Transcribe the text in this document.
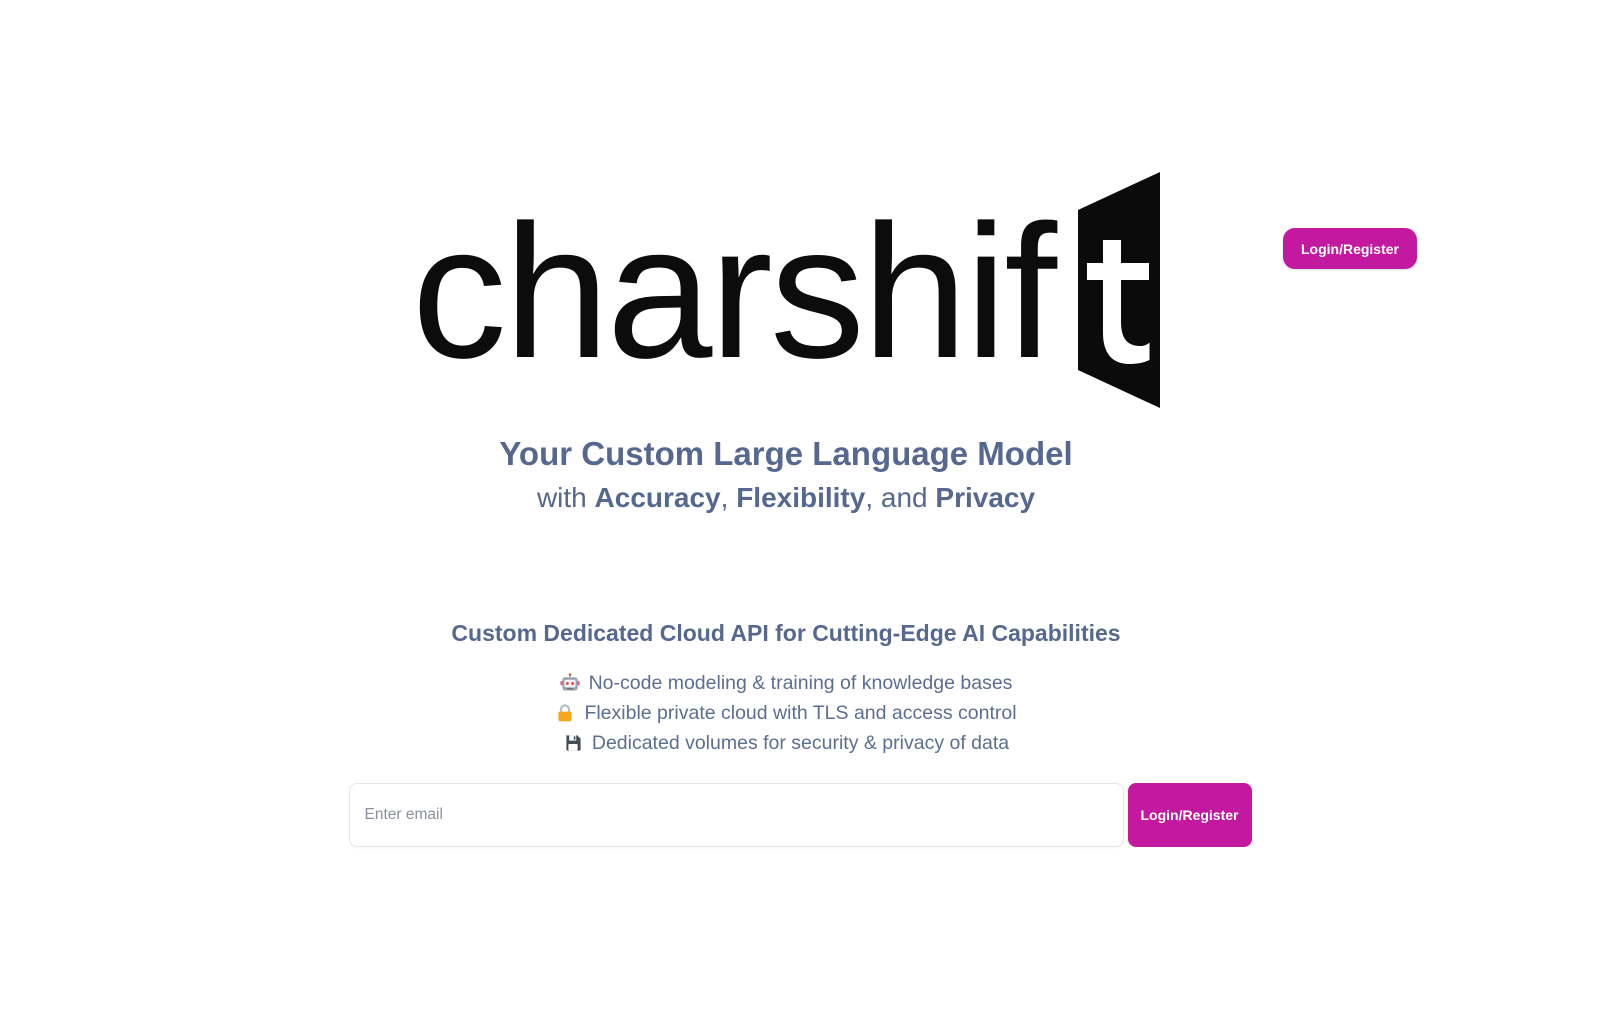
Login/Register
charshif
Your Custom Large Language Model
with Accuracy, Flexibility, and Privacy
Custom Dedicated Cloud API for Cutting-Edge AI Capabilities
No-code modeling & training of knowledge bases
Flexible private cloud with TLS and access control
Dedicated volumes for security & privacy of data
Enter email
Login/Register
